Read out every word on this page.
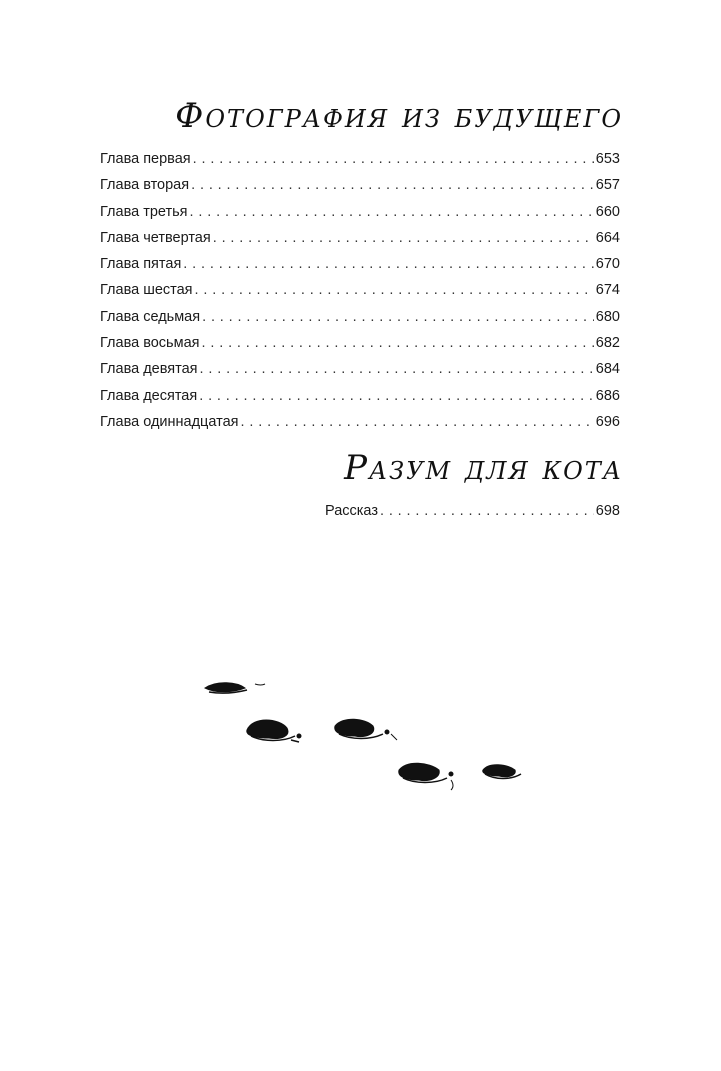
Фотография из будущего
Глава первая . . .	653
Глава вторая . . .	657
Глава третья . . .	660
Глава четвертая . . .	664
Глава пятая . . .	670
Глава шестая . . .	674
Глава седьмая . . .	680
Глава восьмая . . .	682
Глава девятая . . .	684
Глава десятая . . .	686
Глава одиннадцатая . . .	696
Разум для кота
Рассказ . . .	698
